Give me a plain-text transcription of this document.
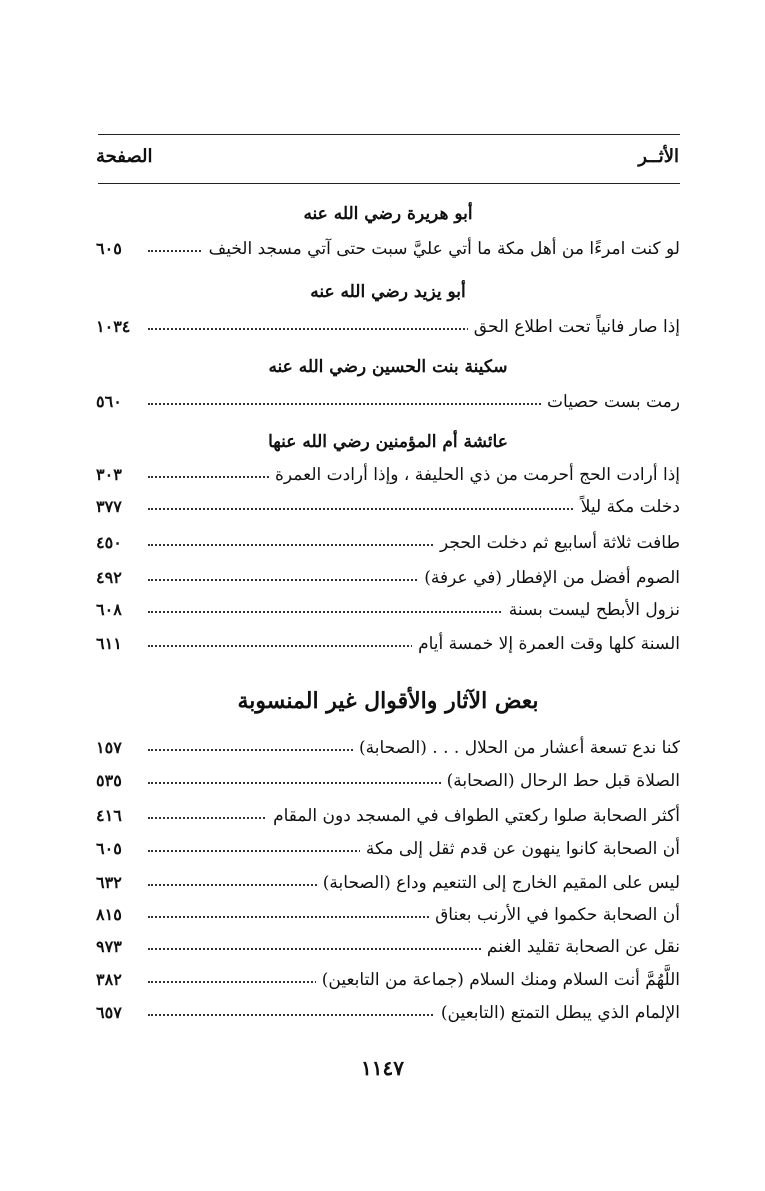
الأثــر
الصفحة
أبو هريرة رضي الله عنه
لو كنت امرءًا من أهل مكة ما أتي عليَّ سبت حتى آتي مسجد الخيف
٦٠٥
أبو يزيد رضي الله عنه
إذا صار فانياً تحت اطلاع الحق
١٠٣٤
سكينة بنت الحسين رضي الله عنه
رمت بست حصيات
٥٦٠
عائشة أم المؤمنين رضي الله عنها
إذا أرادت الحج أحرمت من ذي الحليفة ، وإذا أرادت العمرة
٣٠٣
دخلت مكة ليلاً
٣٧٧
طافت ثلاثة أسابيع ثم دخلت الحجر
٤٥٠
الصوم أفضل من الإفطار (في عرفة)
٤٩٢
نزول الأبطح ليست بسنة
٦٠٨
السنة كلها وقت العمرة إلا خمسة أيام
٦١١
بعض الآثار والأقوال غير المنسوبة
كنا ندع تسعة أعشار من الحلال . . . (الصحابة)
١٥٧
الصلاة قبل حط الرحال (الصحابة)
٥٣٥
أكثر الصحابة صلوا ركعتي الطواف في المسجد دون المقام
٤١٦
أن الصحابة كانوا ينهون عن قدم ثقل إلى مكة
٦٠٥
ليس على المقيم الخارج إلى التنعيم وداع (الصحابة)
٦٣٢
أن الصحابة حكموا في الأرنب بعناق
٨١٥
نقل عن الصحابة تقليد الغنم
٩٧٣
اللَّهُمَّ أنت السلام ومنك السلام (جماعة من التابعين)
٣٨٢
الإلمام الذي يبطل التمتع (التابعين)
٦٥٧
١١٤٧
